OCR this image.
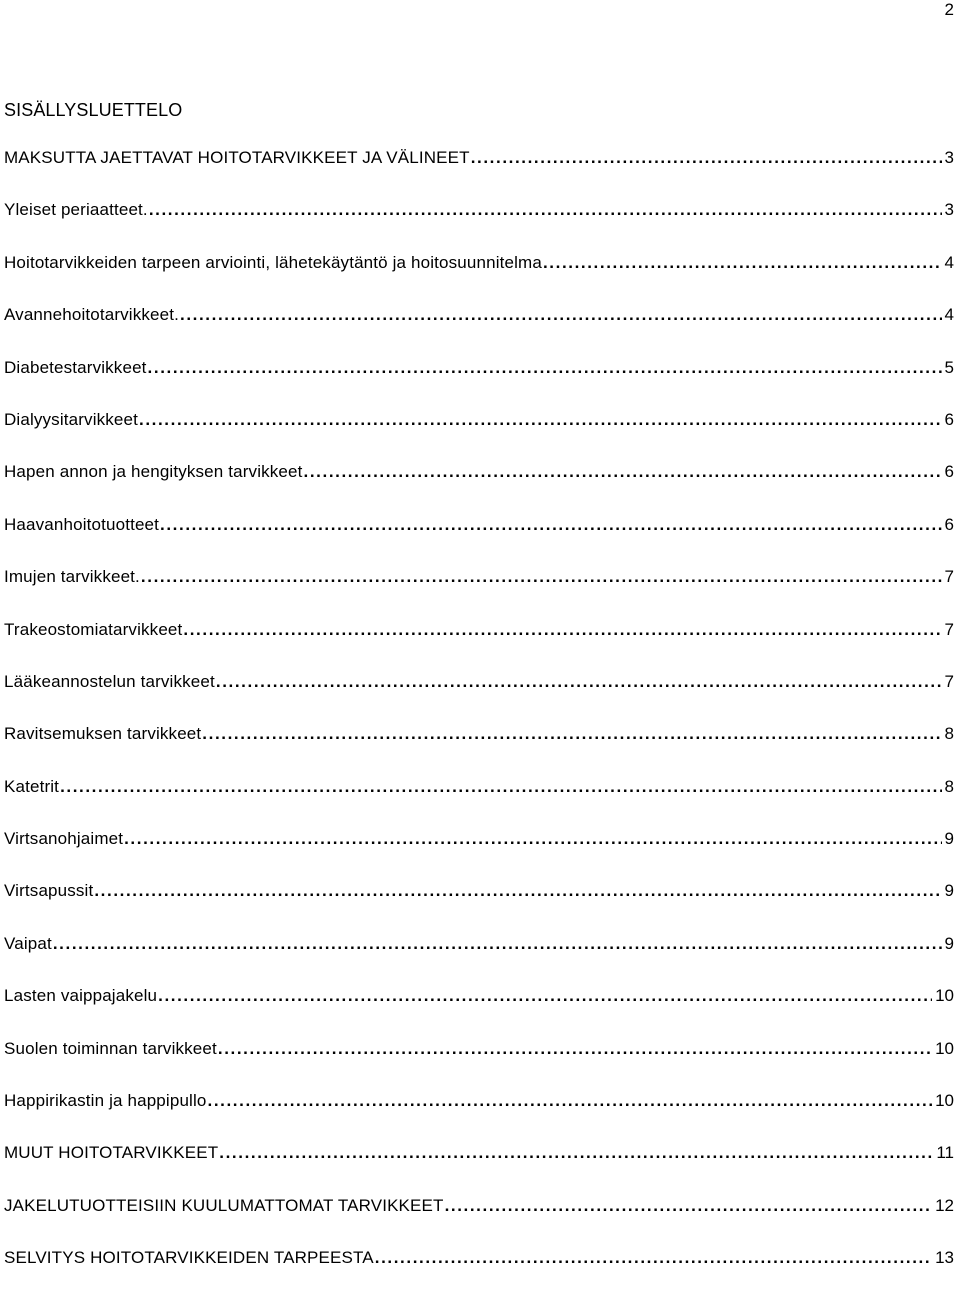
2
SISÄLLYSLUETTELO
MAKSUTTA JAETTAVAT HOITOTARVIKKEET JA VÄLINEET .....	3
Yleiset periaatteet. .....	3
Hoitotarvikkeiden tarpeen arviointi, lähetekäytäntö ja hoitosuunnitelma .....	4
Avannehoitotarvikkeet. .....	4
Diabetestarvikkeet .....	5
Dialyysitarvikkeet .....	6
Hapen annon ja hengityksen tarvikkeet .....	6
Haavanhoitotuotteet .....	6
Imujen tarvikkeet. .....	7
Trakeostomiatarvikkeet .....	7
Lääkeannostelun tarvikkeet .....	7
Ravitsemuksen tarvikkeet .....	8
Katetrit .....	8
Virtsanohjaimet .....	9
Virtsapussit .....	9
Vaipat .....	9
Lasten vaippajakelu .....	10
Suolen toiminnan tarvikkeet .....	10
Happirikastin ja happipullo .....	10
MUUT HOITOTARVIKKEET .....	11
JAKELUTUOTTEISIIN KUULUMATTOMAT TARVIKKEET .....	12
SELVITYS HOITOTARVIKKEIDEN TARPEESTA .....	13
